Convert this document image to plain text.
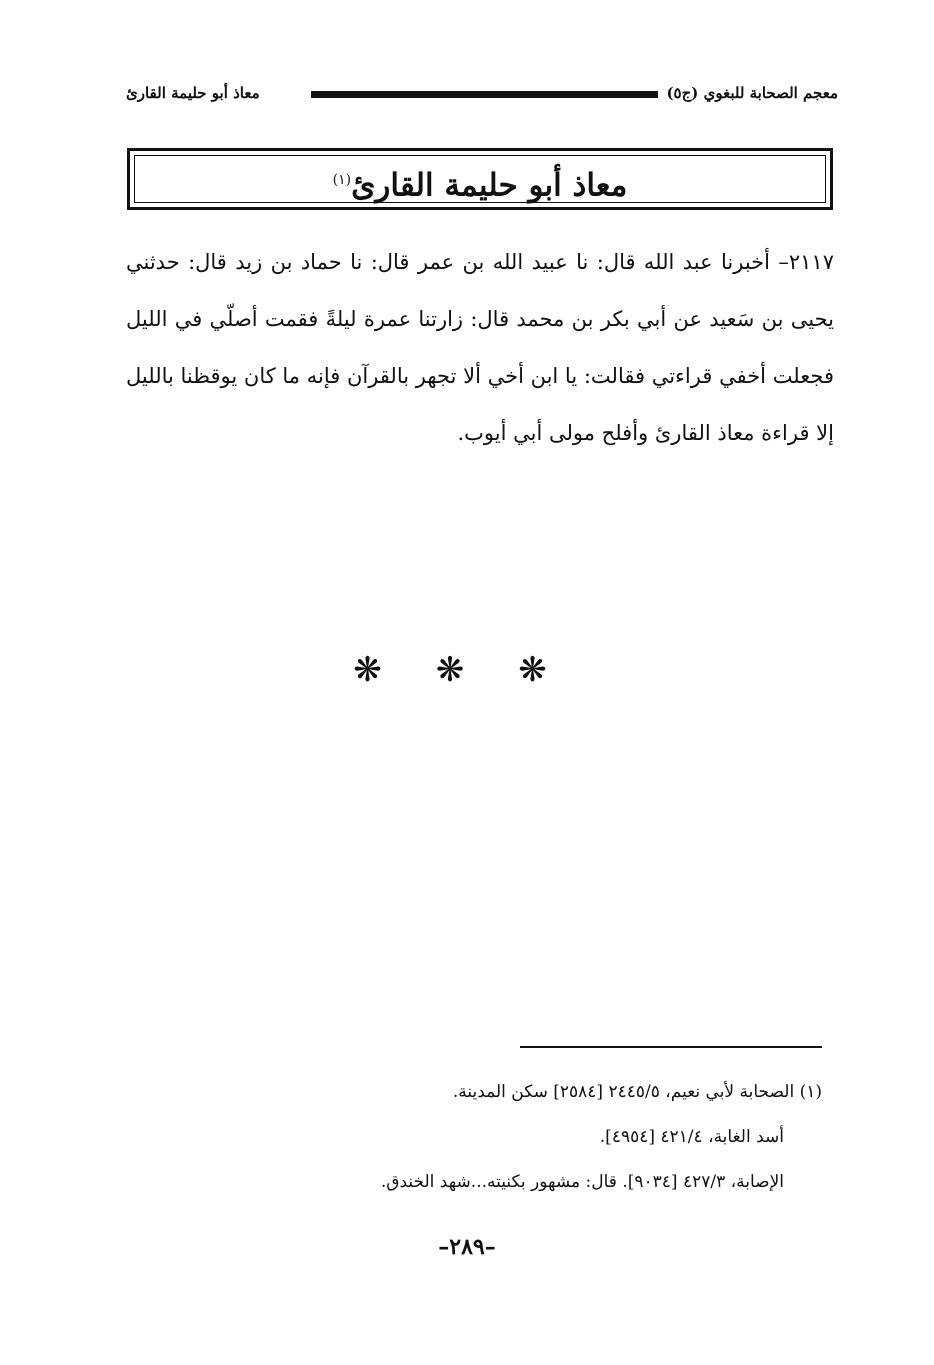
معجم الصحابة للبغوي (ج٥)
معاذ أبو حليمة القارئ
معاذ أبو حليمة القارئ$^{(١)}$
٢١١٧– أخبرنا عبد الله قال: نا عبيد الله بن عمر قال: نا حماد بن زيد قال: حدثني يحيى بن سَعيد عن أبي بكر بن محمد قال: زارتنا عمرة ليلةً فقمت أصلّي في الليل فجعلت أخفي قراءتي فقالت: يا ابن أخي ألا تجهر بالقرآن فإنه ما كان يوقظنا بالليل إلا قراءة معاذ القارئ وأفلح مولى أبي أيوب.
❋ ❋ ❋
(١) الصحابة لأبي نعيم، ٢٤٤٥/٥ [٢٥٨٤] سكن المدينة.
أسد الغابة، ٤٢١/٤ [٤٩٥٤].
الإصابة، ٤٢٧/٣ [٩٠٣٤]. قال: مشهور بكنيته...شهد الخندق.
–٢٨٩–
